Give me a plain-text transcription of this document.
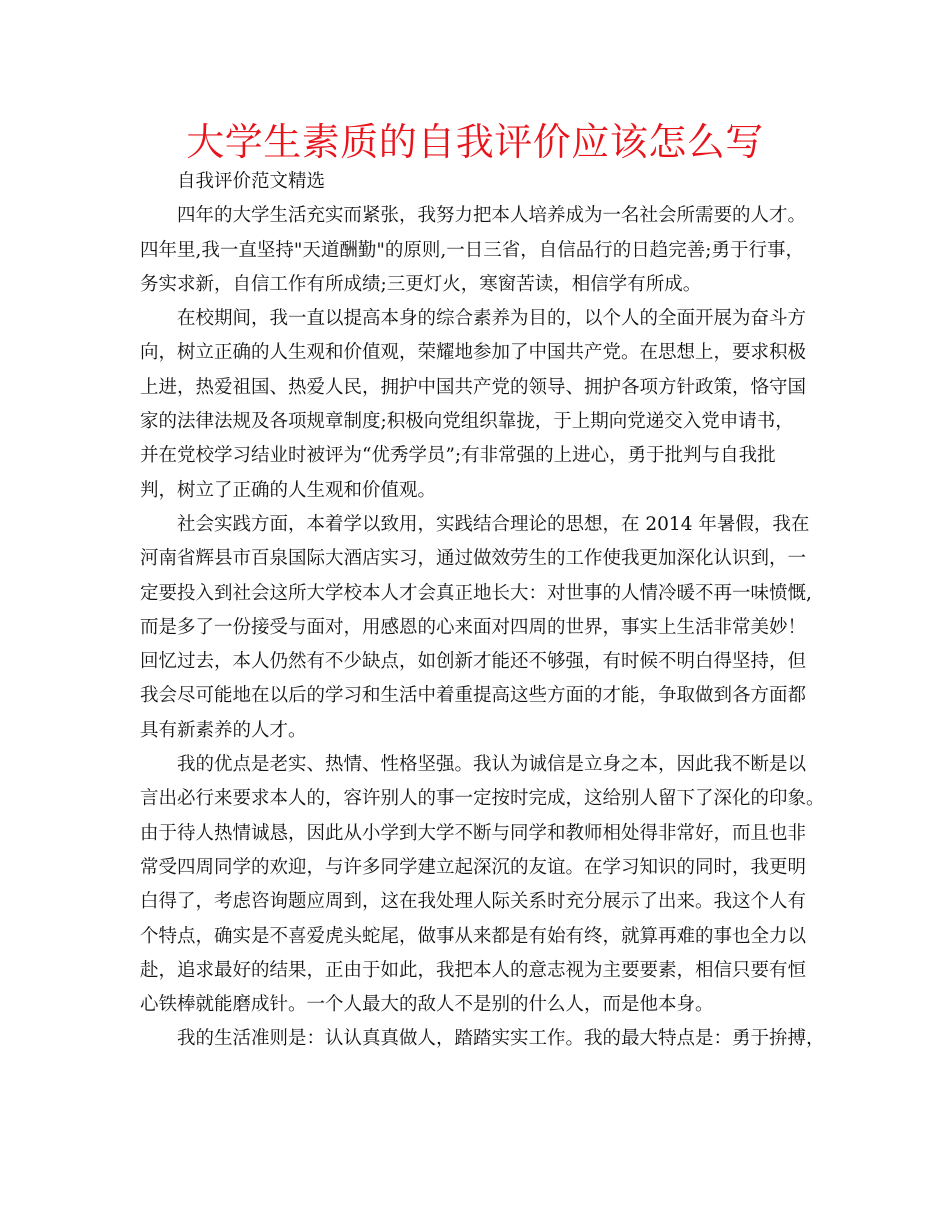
大学生素质的自我评价应该怎么写

自我评价范文精选

四年的大学生活充实而紧张，我努力把本人培养成为一名社会所需要的人才。
四年里,我一直坚持"天道酬勤"的原则,一日三省，自信品行的日趋完善;勇于行事，
务实求新，自信工作有所成绩;三更灯火，寒窗苦读，相信学有所成。

在校期间，我一直以提高本身的综合素养为目的，以个人的全面开展为奋斗方
向，树立正确的人生观和价值观，荣耀地参加了中国共产党。在思想上，要求积极
上进，热爱祖国、热爱人民，拥护中国共产党的领导、拥护各项方针政策，恪守国
家的法律法规及各项规章制度;积极向党组织靠拢，于上期向党递交入党申请书，
并在党校学习结业时被评为“优秀学员”;有非常强的上进心，勇于批判与自我批
判，树立了正确的人生观和价值观。

社会实践方面，本着学以致用，实践结合理论的思想，在 2014 年暑假，我在
河南省辉县市百泉国际大酒店实习，通过做效劳生的工作使我更加深化认识到，一
定要投入到社会这所大学校本人才会真正地长大：对世事的人情冷暖不再一味愤慨,
而是多了一份接受与面对，用感恩的心来面对四周的世界，事实上生活非常美妙！
回忆过去，本人仍然有不少缺点，如创新才能还不够强，有时候不明白得坚持，但
我会尽可能地在以后的学习和生活中着重提高这些方面的才能，争取做到各方面都
具有新素养的人才。

我的优点是老实、热情、性格坚强。我认为诚信是立身之本，因此我不断是以
言出必行来要求本人的，容许别人的事一定按时完成，这给别人留下了深化的印象。
由于待人热情诚恳，因此从小学到大学不断与同学和教师相处得非常好，而且也非
常受四周同学的欢迎，与许多同学建立起深沉的友谊。在学习知识的同时，我更明
白得了，考虑咨询题应周到，这在我处理人际关系时充分展示了出来。我这个人有
个特点，确实是不喜爱虎头蛇尾，做事从来都是有始有终，就算再难的事也全力以
赴，追求最好的结果，正由于如此，我把本人的意志视为主要要素，相信只要有恒
心铁棒就能磨成针。一个人最大的敌人不是别的什么人，而是他本身。

我的生活准则是：认认真真做人，踏踏实实工作。我的最大特点是：勇于拚搏，
